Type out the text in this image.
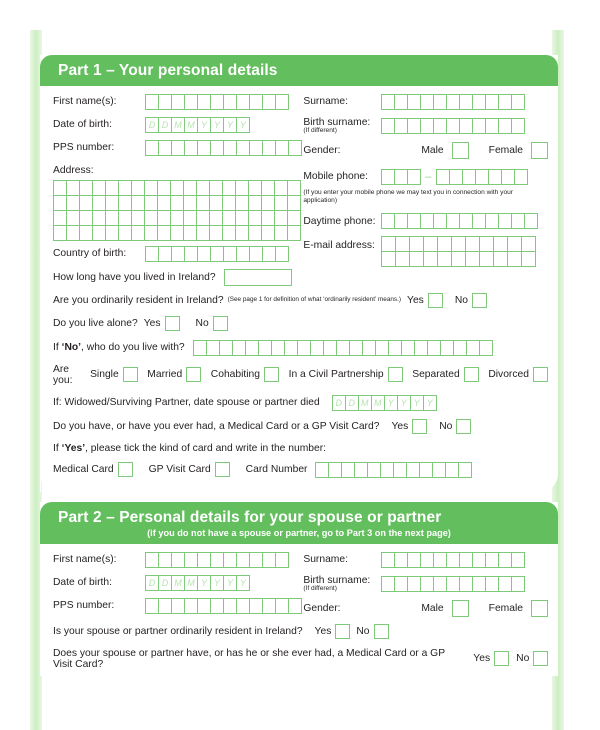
Part 1 – Your personal details
First name(s):
Date of birth:	D D M M Y Y Y Y
PPS number:
Address:
Country of birth:
How long have you lived in Ireland?
Surname:
Birth surname:
(If different)
Gender:	Male	Female
Mobile phone:	–
(If you enter your mobile phone we may text you in connection with your application)
Daytime phone:
E-mail address:
Are you ordinarily resident in Ireland? (See page 1 for definition of what ‘ordinarily resident’ means.) Yes	No
Do you live alone? Yes	No
If ‘No’, who do you live with?
Are you:	Single	Married	Cohabiting	In a Civil Partnership	Separated	Divorced
If: Widowed/Surviving Partner, date spouse or partner died	D D M M Y Y Y Y
Do you have, or have you ever had, a Medical Card or a GP Visit Card? Yes	No
If ‘Yes’, please tick the kind of card and write in the number:
Medical Card	GP Visit Card	Card Number
Part 2 – Personal details for your spouse or partner
(if you do not have a spouse or partner, go to Part 3 on the next page)
First name(s):
Date of birth:	D D M M Y Y Y Y
PPS number:
Surname:
Birth surname:
(If different)
Gender:	Male	Female
Is your spouse or partner ordinarily resident in Ireland? Yes No
Does your spouse or partner have, or has he or she ever had, a Medical Card or a GP Visit Card?	Yes	No
